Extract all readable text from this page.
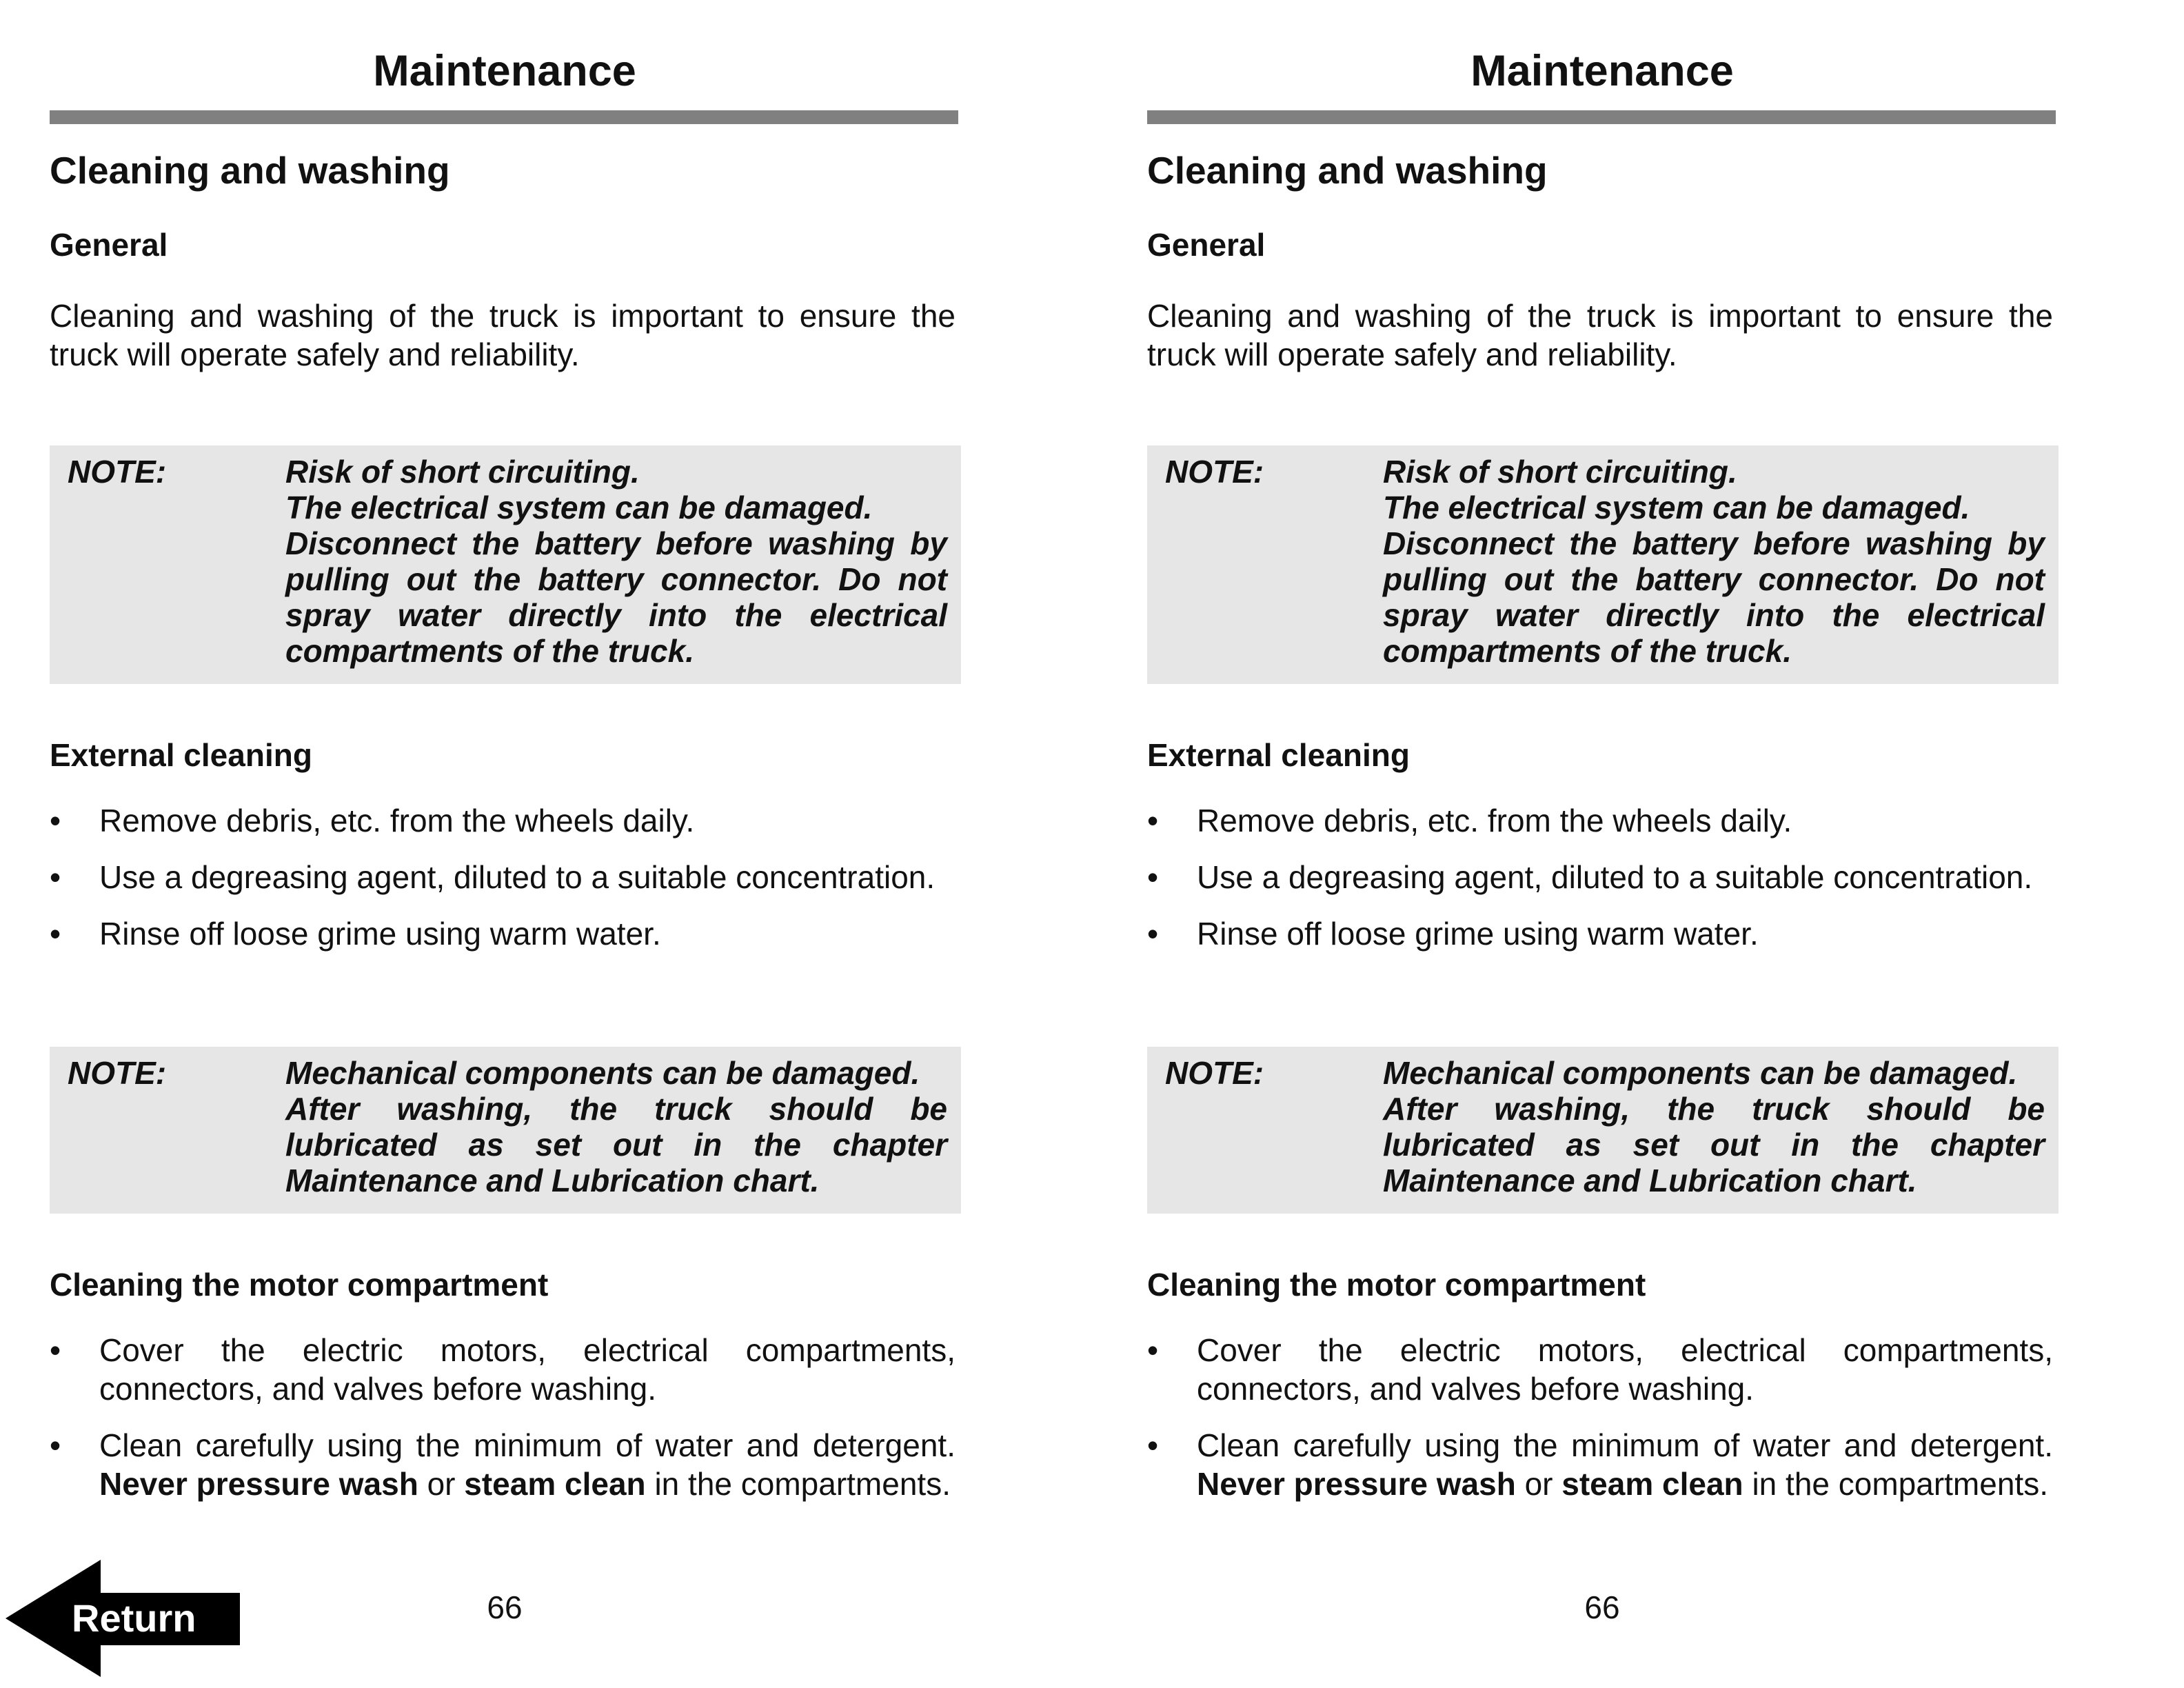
Maintenance
Cleaning and washing
General

Cleaning and washing of the truck is important to ensure the truck will operate safely and reliability.

NOTE:	Risk of short circuiting.
The electrical system can be damaged.
Disconnect the battery before washing by pulling out the battery connector. Do not spray water directly into the electrical compartments of the truck.
External cleaning
• Remove debris, etc. from the wheels daily.
• Use a degreasing agent, diluted to a suitable concentration.
• Rinse off loose grime using warm water.
NOTE:	Mechanical components can be damaged.
After washing, the truck should be lubricated as set out in the chapter Maintenance and Lubrication chart.
Cleaning the motor compartment
• Cover the electric motors, electrical compartments, connectors, and valves before washing.
• Clean carefully using the minimum of water and detergent. Never pressure wash or steam clean in the compartments.
66
Maintenance
Cleaning and washing
General

Cleaning and washing of the truck is important to ensure the truck will operate safely and reliability.

NOTE:	Risk of short circuiting.
The electrical system can be damaged.
Disconnect the battery before washing by pulling out the battery connector. Do not spray water directly into the electrical compartments of the truck.
External cleaning
• Remove debris, etc. from the wheels daily.
• Use a degreasing agent, diluted to a suitable concentration.
• Rinse off loose grime using warm water.
NOTE:	Mechanical components can be damaged.
After washing, the truck should be lubricated as set out in the chapter Maintenance and Lubrication chart.
Cleaning the motor compartment
• Cover the electric motors, electrical compartments, connectors, and valves before washing.
• Clean carefully using the minimum of water and detergent. Never pressure wash or steam clean in the compartments.
66
Return
